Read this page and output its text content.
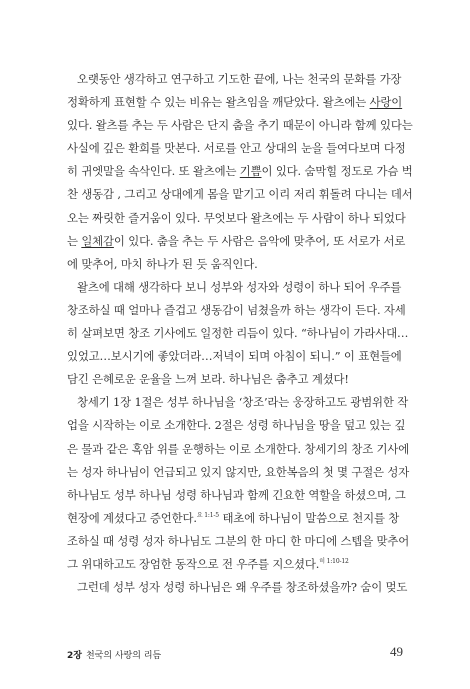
오랫동안 생각하고 연구하고 기도한 끝에, 나는 천국의 문화를 가장
정확하게 표현할 수 있는 비유는 왈츠임을 깨닫았다. 왈츠에는 사랑이
있다. 왈츠를 추는 두 사람은 단지 춤을 추기 때문이 아니라 함께 있다는
사실에 깊은 환희를 맛본다. 서로를 안고 상대의 눈을 들여다보며 다정
히 귀엣말을 속삭인다. 또 왈츠에는 기쁨이 있다. 숨막힐 정도로 가슴 벅
찬 생동감 , 그리고 상대에게 몸을 맡기고 이리 저리 휘돌려 다니는 데서
오는 짜릿한 즐거움이 있다. 무엇보다 왈츠에는 두 사람이 하나 되었다
는 일체감이 있다. 춤을 추는 두 사람은 음악에 맞추어, 또 서로가 서로
에 맞추어, 마치 하나가 된 듯 움직인다.
왈츠에 대해 생각하다 보니 성부와 성자와 성령이 하나 되어 우주를
창조하실 때 얼마나 즐겁고 생동감이 넘쳤을까 하는 생각이 든다. 자세
히 살펴보면 창조 기사에도 일정한 리듬이 있다. “하나님이 가라사대…
있었고…보시기에 좋았더라…저녁이 되며 아침이 되니.” 이 표현들에
담긴 은혜로운 운율을 느껴 보라. 하나님은 춤추고 계셨다!
창세기 1장 1절은 성부 하나님을 ‘창조’라는 웅장하고도 광범위한 작
업을 시작하는 이로 소개한다. 2절은 성령 하나님을 땅을 덮고 있는 깊
은 물과 같은 혹암 위를 운행하는 이로 소개한다. 창세기의 창조 기사에
는 성자 하나님이 언급되고 있지 않지만, 요한복음의 첫 몇 구절은 성자
하나님도 성부 하나님 성령 하나님과 함께 긴요한 역할을 하셨으며, 그
현장에 계셨다고 증언한다.$^{요 1:1-5}$ 태초에 하나님이 말씀으로 천지를 창
조하실 때 성령 성자 하나님도 그분의 한 마디 한 마디에 스텝을 맞추어
그 위대하고도 장엄한 동작으로 전 우주를 지으셨다.$^{히 1:10-12}$
그런데 성부 성자 성령 하나님은 왜 우주를 창조하셨을까? 숨이 멎도
2장 천국의 사랑의 리듬	49
